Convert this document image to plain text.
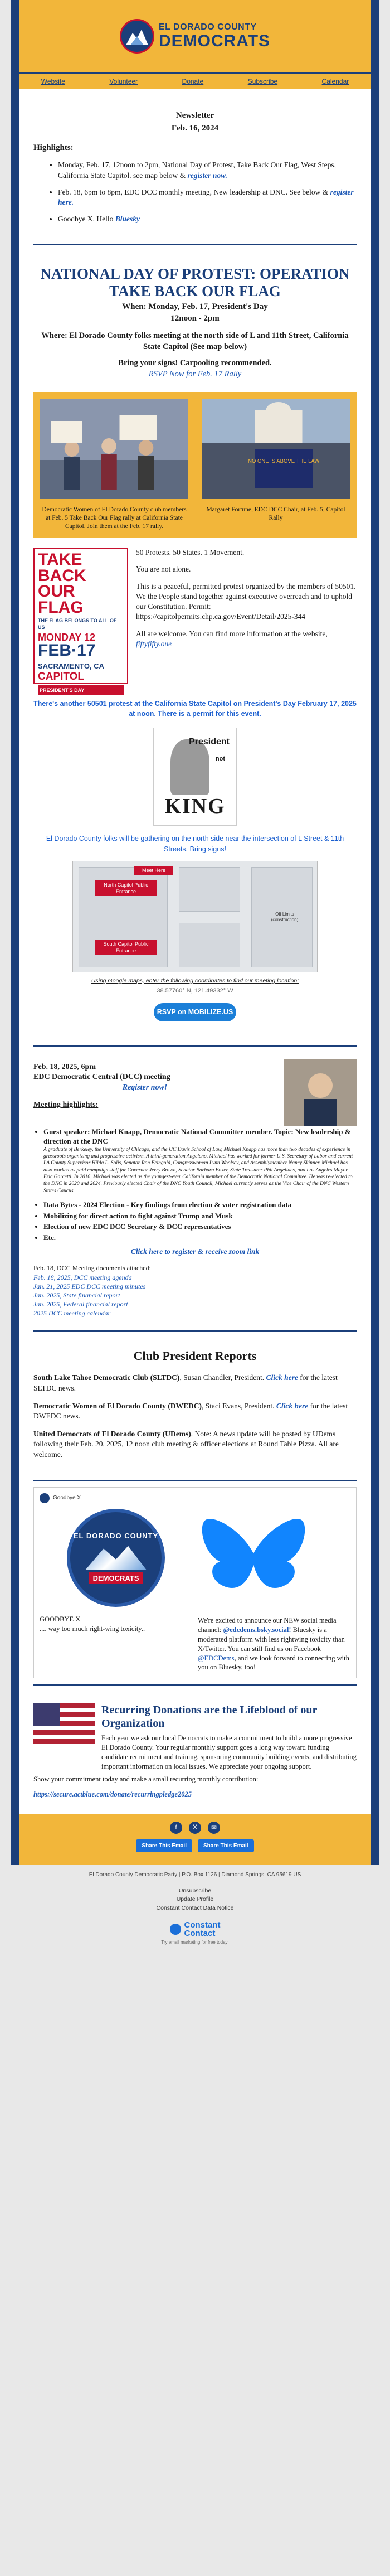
EL DORADO COUNTY
DEMOCRATS
Website	Volunteer	Donate	Subscribe	Calendar
Newsletter
Feb. 16, 2024
Highlights:
• Monday, Feb. 17, 12noon to 2pm, National Day of Protest, Take Back Our Flag, West Steps, California State Capitol. see map below & register now.
• Feb. 18, 6pm to 8pm, EDC DCC monthly meeting, New leadership at DNC. See below & register here.
• Goodbye X. Hello Bluesky
NATIONAL DAY OF PROTEST: OPERATION TAKE BACK OUR FLAG
When: Monday, Feb. 17, President's Day
12noon - 2pm
Where: El Dorado County folks meeting at the north side of L and 11th Street, California State Capitol (See map below)
Bring your signs! Carpooling recommended.
RSVP Now for Feb. 17 Rally
Democratic Women of El Dorado County club members at Feb. 5 Take Back Our Flag rally at California State Capitol. Join them at the Feb. 17 rally.
NO ONE IS ABOVE THE LAW
Margaret Fortune, EDC DCC Chair, at Feb. 5, Capitol Rally
TAKE BACK
OUR FLAG
THE FLAG BELONGS TO ALL OF US
MONDAY 12
FEB·17
SACRAMENTO, CA
CAPITOL
PRESIDENT'S DAY

50 Protests. 50 States. 1 Movement.

You are not alone.

This is a peaceful, permitted protest organized by the members of 50501. We the People stand together against executive overreach and to uphold our Constitution. Permit: https://capitolpermits.chp.ca.gov/Event/Detail/2025-344

All are welcome. You can find more information at the website, fiftyfifty.one

There's another 50501 protest at the California State Capitol on President's Day February 17, 2025 at noon. There is a permit for this event.
President
not
KING
El Dorado County folks will be gathering on the north side near the intersection of L Street & 11th Streets. Bring signs!
North Capitol Public Entrance
South Capitol Public Entrance
Meet Here
Off Limits (construction)
Using Google maps, enter the following coordinates to find our meeting location:
38.57760° N, 121.49332° W
RSVP on MOBILIZE.US
Feb. 18, 2025, 6pm
EDC Democratic Central (DCC) meeting
Register now!
Meeting highlights:
• Guest speaker: Michael Knapp, Democratic National Committee member. Topic: New leadership & direction at the DNC
A graduate of Berkeley, the University of Chicago, and the UC Davis School of Law, Michael Knapp has more than two decades of experience in grassroots organizing and progressive activism. A third-generation Angeleno, Michael has worked for former U.S. Secretary of Labor and current LA County Supervisor Hilda L. Solis, Senator Ron Feingold, Congresswoman Lynn Woolsey, and Assemblymember Nancy Skinner. Michael has also worked as paid campaign staff for Governor Jerry Brown, Senator Barbara Boxer, State Treasurer Phil Angelides, and Los Angeles Mayor Eric Garcetti. In 2016, Michael was elected as the youngest-ever California member of the Democratic National Committee. He was re-elected to the DNC in 2020 and 2024. Previously elected Chair of the DNC Youth Council, Michael currently serves as the Vice Chair of the DNC Western States Caucus.
• Data Bytes - 2024 Election - Key findings from election & voter registration data
• Mobilizing for direct action to fight against Trump and Musk
• Election of new EDC DCC Secretary & DCC representatives
• Etc.
Click here to register & receive zoom link
Feb. 18, DCC Meeting documents attached:
Feb. 18, 2025, DCC meeting agenda
Jan. 21, 2025 EDC DCC meeting minutes
Jan. 2025, State financial report
Jan. 2025, Federal financial report
2025 DCC meeting calendar
Club President Reports

South Lake Tahoe Democratic Club (SLTDC), Susan Chandler, President. Click here for the latest SLTDC news.

Democratic Women of El Dorado County (DWEDC), Staci Evans, President. Click here for the latest DWEDC news.

United Democrats of El Dorado County (UDems). Note: A news update will be posted by UDems following their Feb. 20, 2025, 12 noon club meeting & officer elections at Round Table Pizza. All are welcome.

Goodbye X
EL DORADO COUNTY
DEMOCRATS
GOODBYE X
.... way too much right-wing toxicity..

We're excited to announce our NEW social media channel: @edcdems.bsky.social! Bluesky is a moderated platform with less rightwing toxicity than X/Twitter. You can still find us on Facebook @EDCDems, and we look forward to connecting with you on Bluesky, too!

Recurring Donations are the Lifeblood of our Organization
Each year we ask our local Democrats to make a commitment to build a more progressive El Dorado County. Your regular monthly support goes a long way toward funding candidate recruitment and training, sponsoring community building events, and distributing important information on local issues. We appreciate your ongoing support.
Show your commitment today and make a small recurring monthly contribution:
https://secure.actblue.com/donate/recurringpledge2025
f	X	✉
Share This Email	Share This Email
El Dorado County Democratic Party | P.O. Box 1126 | Diamond Springs, CA 95619 US
Unsubscribe
Update Profile
Constant Contact Data Notice
Constant
Contact
Try email marketing for free today!
